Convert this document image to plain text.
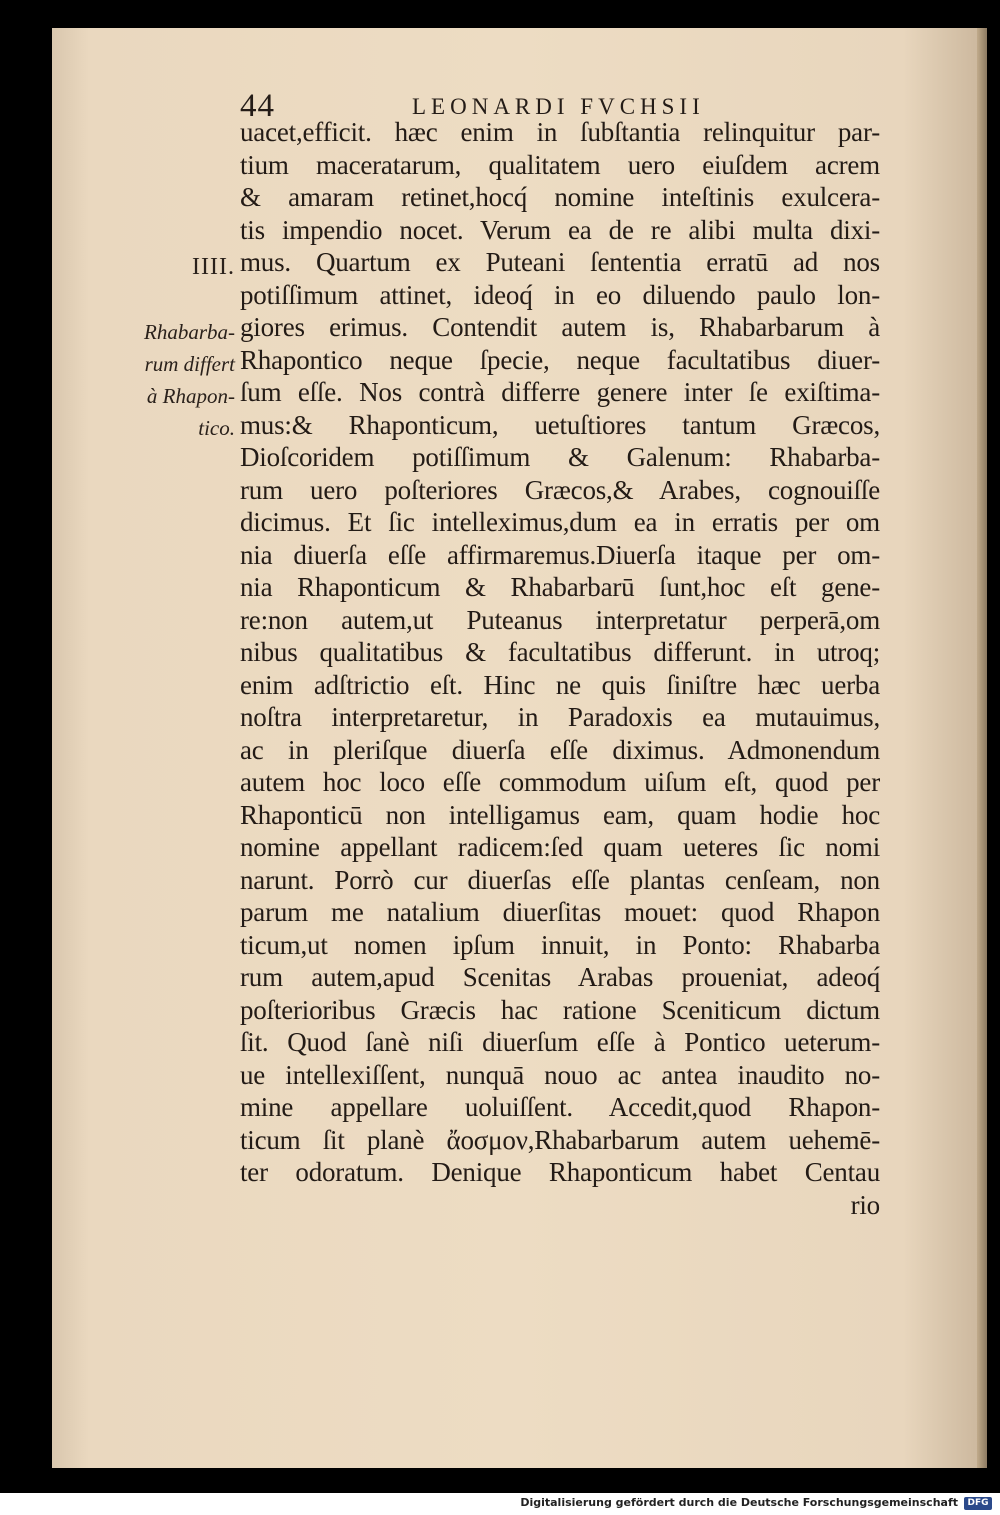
44	LEONARDI FVCHSII
IIII.
Rhabarba-
rum differt
à Rhapon-
tico.
uacet,efficit. hæc enim in ſubſtantia relinquitur par-
tium maceratarum, qualitatem uero eiuſdem acrem
& amaram retinet,hocq́ nomine inteſtinis exulcera-
tis impendio nocet. Verum ea de re alibi multa dixi-
mus. Quartum ex Puteani ſententia erratū ad nos
potiſſimum attinet, ideoq́ in eo diluendo paulo lon-
giores erimus. Contendit autem is, Rhabarbarum à
Rhapontico neque ſpecie, neque facultatibus diuer-
ſum eſſe. Nos contrà differre genere inter ſe exiſtima-
mus:& Rhaponticum, uetuſtiores tantum Græcos,
Dioſcoridem potiſſimum & Galenum: Rhabarba-
rum uero poſteriores Græcos,& Arabes, cognouiſſe
dicimus. Et ſic intelleximus,dum ea in erratis per om
nia diuerſa eſſe affirmaremus.Diuerſa itaque per om-
nia Rhaponticum & Rhabarbarū ſunt,hoc eſt gene-
re:non autem,ut Puteanus interpretatur perperā,om
nibus qualitatibus & facultatibus differunt. in utroq;
enim adſtrictio eſt. Hinc ne quis ſiniſtre hæc uerba
noſtra interpretaretur, in Paradoxis ea mutauimus,
ac in pleriſque diuerſa eſſe diximus. Admonendum
autem hoc loco eſſe commodum uiſum eſt, quod per
Rhaponticū non intelligamus eam, quam hodie hoc
nomine appellant radicem:ſed quam ueteres ſic nomi
narunt. Porrò cur diuerſas eſſe plantas cenſeam, non
parum me natalium diuerſitas mouet: quod Rhapon
ticum,ut nomen ipſum innuit, in Ponto: Rhabarba
rum autem,apud Scenitas Arabas proueniat, adeoq́
poſterioribus Græcis hac ratione Sceniticum dictum
ſit. Quod ſanè niſi diuerſum eſſe à Pontico ueterum-
ue intellexiſſent, nunquā nouo ac antea inaudito no-
mine appellare uoluiſſent. Accedit,quod Rhapon-
ticum ſit planè ἄοσμον,Rhabarbarum autem uehemē-
ter odoratum. Denique Rhaponticum habet Centau
rio
Digitalisierung gefördert durch die Deutsche Forschungsgemeinschaft	DFG
